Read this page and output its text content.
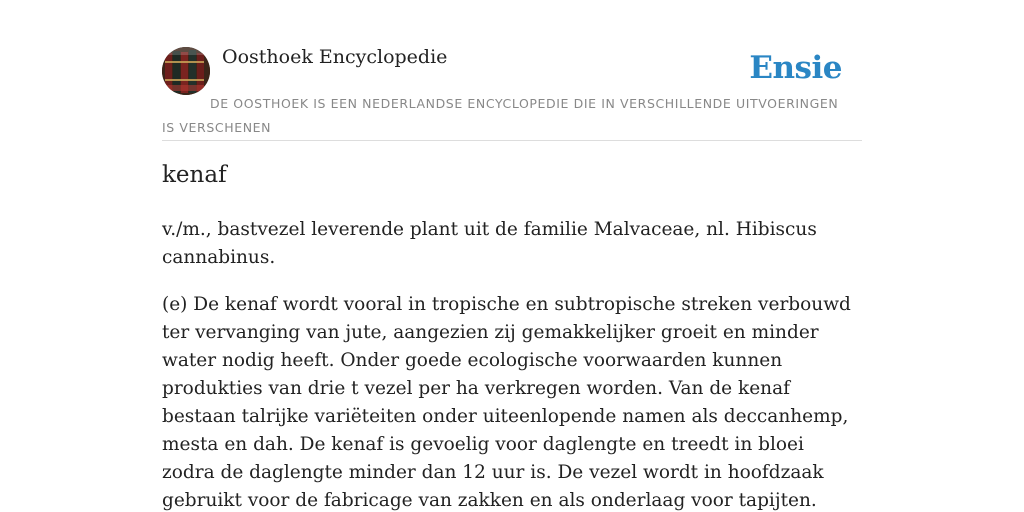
Oosthoek Encyclopedie	Ensie
DE OOSTHOEK IS EEN NEDERLANDSE ENCYCLOPEDIE DIE IN VERSCHILLENDE UITVOERINGEN IS VERSCHENEN
kenaf

v./m., bastvezel leverende plant uit de familie Malvaceae, nl. Hibiscus cannabinus.

(e) De kenaf wordt vooral in tropische en subtropische streken verbouwd ter vervanging van jute, aangezien zij gemakkelijker groeit en minder water nodig heeft. Onder goede ecologische voorwaarden kunnen produkties van drie t vezel per ha verkregen worden. Van de kenaf bestaan talrijke variëteiten onder uiteenlopende namen als deccanhemp, mesta en dah. De kenaf is gevoelig voor daglengte en treedt in bloei zodra de daglengte minder dan 12 uur is. De vezel wordt in hoofdzaak gebruikt voor de fabricage van zakken en als onderlaag voor tapijten.
